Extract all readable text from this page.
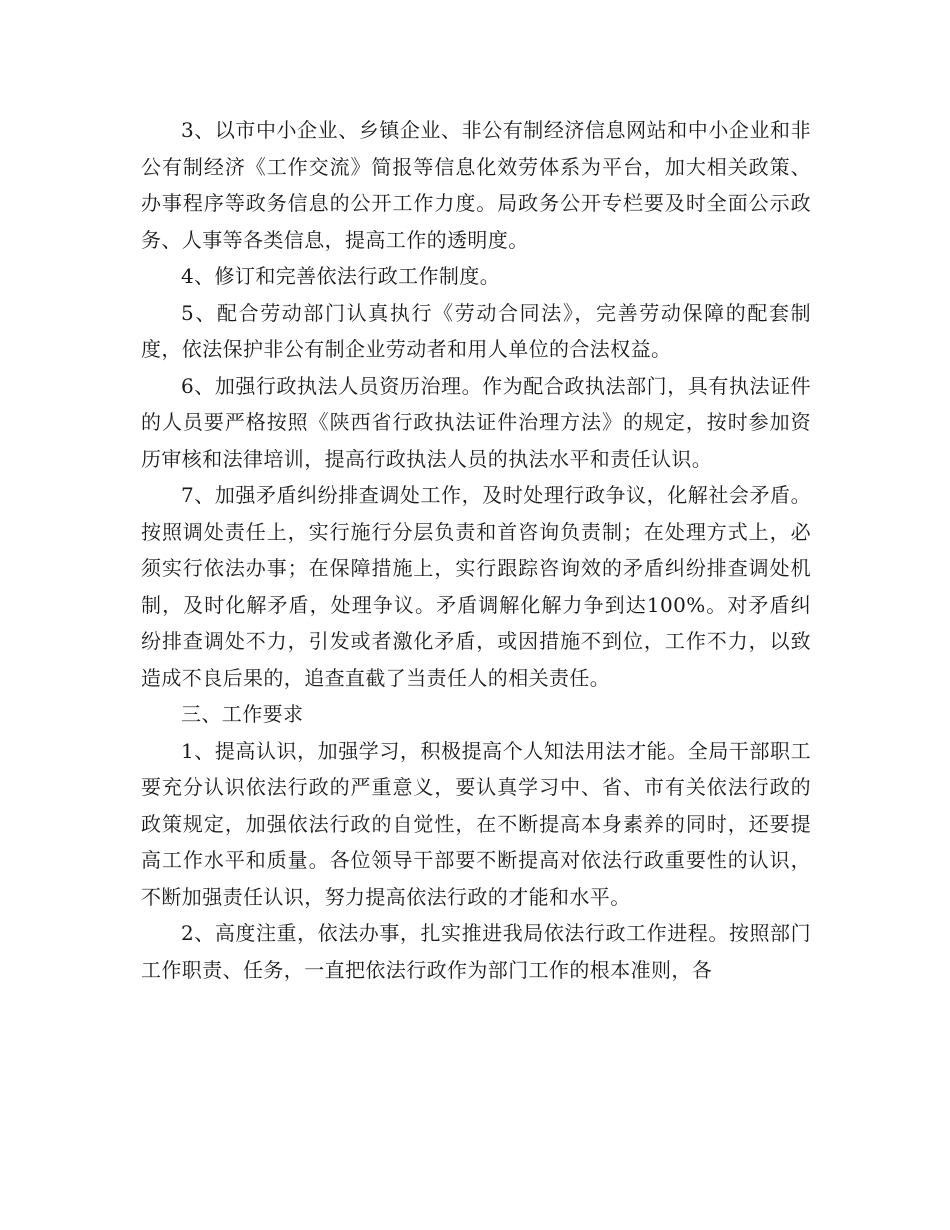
3、以市中小企业、乡镇企业、非公有制经济信息网站和中小企业和非公有制经济《工作交流》简报等信息化效劳体系为平台，加大相关政策、办事程序等政务信息的公开工作力度。局政务公开专栏要及时全面公示政务、人事等各类信息，提高工作的透明度。

4、修订和完善依法行政工作制度。

5、配合劳动部门认真执行《劳动合同法》，完善劳动保障的配套制度，依法保护非公有制企业劳动者和用人单位的合法权益。

6、加强行政执法人员资历治理。作为配合政执法部门，具有执法证件的人员要严格按照《陕西省行政执法证件治理方法》的规定，按时参加资历审核和法律培训，提高行政执法人员的执法水平和责任认识。

7、加强矛盾纠纷排查调处工作，及时处理行政争议，化解社会矛盾。按照调处责任上，实行施行分层负责和首咨询负责制；在处理方式上，必须实行依法办事；在保障措施上，实行跟踪咨询效的矛盾纠纷排查调处机制，及时化解矛盾，处理争议。矛盾调解化解力争到达100%。对矛盾纠纷排查调处不力，引发或者激化矛盾，或因措施不到位，工作不力，以致造成不良后果的，追查直截了当责任人的相关责任。

三、工作要求

1、提高认识，加强学习，积极提高个人知法用法才能。全局干部职工要充分认识依法行政的严重意义，要认真学习中、省、市有关依法行政的政策规定，加强依法行政的自觉性，在不断提高本身素养的同时，还要提高工作水平和质量。各位领导干部要不断提高对依法行政重要性的认识，不断加强责任认识，努力提高依法行政的才能和水平。

2、高度注重，依法办事，扎实推进我局依法行政工作进程。按照部门工作职责、任务，一直把依法行政作为部门工作的根本准则，各
